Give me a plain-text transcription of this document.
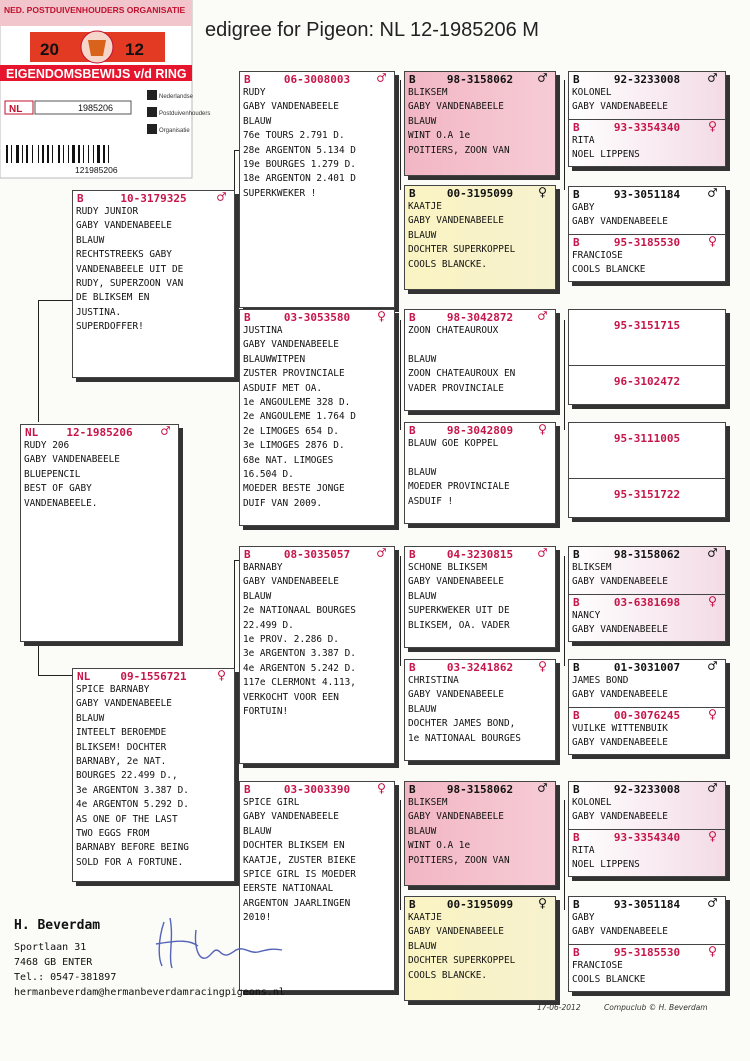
NED. POSTDUIVENHOUDERS ORGANISATIE
20	12
EIGENDOMSBEWIJS v/d RING
NL	1985206
Nederlandse
Postduivenhouders
Organisatie
121985206
edigree for Pigeon: NL 12-1985206 M
NL	12-1985206	♂
RUDY 206
GABY VANDENABEELE
BLUEPENCIL
BEST OF GABY
VANDENABEELE.
B	10-3179325	♂
RUDY JUNIOR
GABY VANDENABEELE
BLAUW
RECHTSTREEKS GABY
VANDENABEELE UIT DE
RUDY, SUPERZOON VAN
DE BLIKSEM EN
JUSTINA.
SUPERDOFFER!
NL	09-1556721	♀
SPICE BARNABY
GABY VANDENABEELE
BLAUW
INTEELT BEROEMDE
BLIKSEM! DOCHTER
BARNABY, 2e NAT.
BOURGES 22.499 D.,
3e ARGENTON 3.387 D.
4e ARGENTON 5.292 D.
AS ONE OF THE LAST
TWO EGGS FROM
BARNABY BEFORE BEING
SOLD FOR A FORTUNE.
B	06-3008003	♂
RUDY
GABY VANDENABEELE
BLAUW
76e TOURS 2.791 D.
28e ARGENTON 5.134 D
19e BOURGES 1.279 D.
18e ARGENTON 2.401 D
SUPERKWEKER !
B	03-3053580	♀
JUSTINA
GABY VANDENABEELE
BLAUWWITPEN
ZUSTER PROVINCIALE
ASDUIF MET OA.
1e ANGOULEME 328 D.
2e ANGOULEME 1.764 D
2e LIMOGES 654 D.
3e LIMOGES 2876 D.
68e NAT. LIMOGES
16.504 D.
MOEDER BESTE JONGE
DUIF VAN 2009.
B	08-3035057	♂
BARNABY
GABY VANDENABEELE
BLAUW
2e NATIONAAL BOURGES
22.499 D.
1e PROV. 2.286 D.
3e ARGENTON 3.387 D.
4e ARGENTON 5.242 D.
117e CLERMONt 4.113,
VERKOCHT VOOR EEN
FORTUIN!
B	03-3003390	♀
SPICE GIRL
GABY VANDENABEELE
BLAUW
DOCHTER BLIKSEM EN
KAATJE, ZUSTER BIEKE
SPICE GIRL IS MOEDER
EERSTE NATIONAAL
ARGENTON JAARLINGEN
2010!
B	98-3158062	♂
BLIKSEM
GABY VANDENABEELE
BLAUW
WINT O.A 1e
POITIERS, ZOON VAN
B	00-3195099	♀
KAATJE
GABY VANDENABEELE
BLAUW
DOCHTER SUPERKOPPEL
COOLS BLANCKE.
B	98-3042872	♂
ZOON CHATEAUROUX

BLAUW
ZOON CHATEAUROUX EN
VADER PROVINCIALE
B	98-3042809	♀
BLAUW GOE KOPPEL

BLAUW
MOEDER PROVINCIALE
ASDUIF !
B	04-3230815	♂
SCHONE BLIKSEM
GABY VANDENABEELE
BLAUW
SUPERKWEKER UIT DE
BLIKSEM, OA. VADER
B	03-3241862	♀
CHRISTINA
GABY VANDENABEELE
BLAUW
DOCHTER JAMES BOND,
1e NATIONAAL BOURGES
B	98-3158062	♂
BLIKSEM
GABY VANDENABEELE
BLAUW
WINT O.A 1e
POITIERS, ZOON VAN
B	00-3195099	♀
KAATJE
GABY VANDENABEELE
BLAUW
DOCHTER SUPERKOPPEL
COOLS BLANCKE.
B	92-3233008	♂
KOLONEL
GABY VANDENABEELE
B	93-3354340	♀
RITA
NOEL LIPPENS
B	93-3051184	♂
GABY
GABY VANDENABEELE
B	95-3185530	♀
FRANCIOSE
COOLS BLANCKE
95-3151715
96-3102472
95-3111005
95-3151722
B	98-3158062	♂
BLIKSEM
GABY VANDENABEELE
B	03-6381698	♀
NANCY
GABY VANDENABEELE
B	01-3031007	♂
JAMES BOND
GABY VANDENABEELE
B	00-3076245	♀
VUILKE WITTENBUIK
GABY VANDENABEELE
B	92-3233008	♂
KOLONEL
GABY VANDENABEELE
B	93-3354340	♀
RITA
NOEL LIPPENS
B	93-3051184	♂
GABY
GABY VANDENABEELE
B	95-3185530	♀
FRANCIOSE
COOLS BLANCKE
H. Beverdam
Sportlaan 31
7468 GB ENTER
Tel.: 0547-381897
hermanbeverdam@hermanbeverdamracingpigeons.nl
17-06-2012	Compuclub © H. Beverdam
